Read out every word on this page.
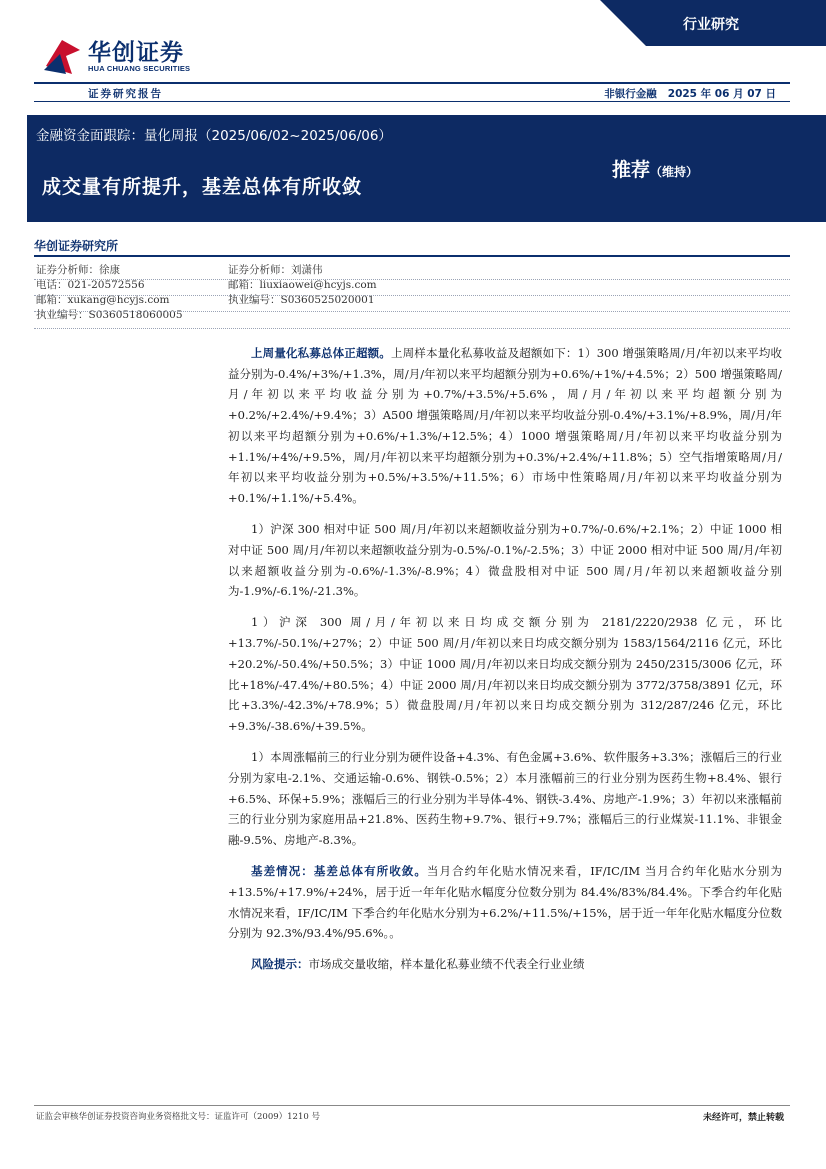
华创证券
HUA CHUANG SECURITIES
行业研究
证券研究报告	非银行金融 2025 年 06 月 07 日
金融资金面跟踪：量化周报（2025/06/02~2025/06/06）
成交量有所提升，基差总体有所收敛
推荐（维持）
华创证券研究所
证券分析师：徐康
电话：021-20572556
邮箱：xukang@hcyjs.com
执业编号：S0360518060005
证券分析师：刘潇伟
邮箱：liuxiaowei@hcyjs.com
执业编号：S0360525020001

上周量化私募总体正超额。上周样本量化私募收益及超额如下：1）300 增强策略周/月/年初以来平均收益分别为-0.4%/+3%/+1.3%，周/月/年初以来平均超额分别为+0.6%/+1%/+4.5%；2）500 增强策略周/月/年初以来平均收益分别为+0.7%/+3.5%/+5.6%，周/月/年初以来平均超额分别为+0.2%/+2.4%/+9.4%；3）A500 增强策略周/月/年初以来平均收益分别-0.4%/+3.1%/+8.9%，周/月/年初以来平均超额分别为+0.6%/+1.3%/+12.5%；4）1000 增强策略周/月/年初以来平均收益分别为+1.1%/+4%/+9.5%，周/月/年初以来平均超额分别为+0.3%/+2.4%/+11.8%；5）空气指增策略周/月/年初以来平均收益分别为+0.5%/+3.5%/+11.5%；6）市场中性策略周/月/年初以来平均收益分别为+0.1%/+1.1%/+5.4%。

1）沪深 300 相对中证 500 周/月/年初以来超额收益分别为+0.7%/-0.6%/+2.1%；2）中证 1000 相对中证 500 周/月/年初以来超额收益分别为-0.5%/-0.1%/-2.5%；3）中证 2000 相对中证 500 周/月/年初以来超额收益分别为-0.6%/-1.3%/-8.9%；4）微盘股相对中证 500 周/月/年初以来超额收益分别为-1.9%/-6.1%/-21.3%。

1）沪深 300 周/月/年初以来日均成交额分别为 2181/2220/2938 亿元，环比+13.7%/-50.1%/+27%；2）中证 500 周/月/年初以来日均成交额分别为 1583/1564/2116 亿元，环比+20.2%/-50.4%/+50.5%；3）中证 1000 周/月/年初以来日均成交额分别为 2450/2315/3006 亿元，环比+18%/-47.4%/+80.5%；4）中证 2000 周/月/年初以来日均成交额分别为 3772/3758/3891 亿元，环比+3.3%/-42.3%/+78.9%；5）微盘股周/月/年初以来日均成交额分别为 312/287/246 亿元，环比+9.3%/-38.6%/+39.5%。

1）本周涨幅前三的行业分别为硬件设备+4.3%、有色金属+3.6%、软件服务+3.3%；涨幅后三的行业分别为家电-2.1%、交通运输-0.6%、钢铁-0.5%；2）本月涨幅前三的行业分别为医药生物+8.4%、银行+6.5%、环保+5.9%；涨幅后三的行业分别为半导体-4%、钢铁-3.4%、房地产-1.9%；3）年初以来涨幅前三的行业分别为家庭用品+21.8%、医药生物+9.7%、银行+9.7%；涨幅后三的行业煤炭-11.1%、非银金融-9.5%、房地产-8.3%。

基差情况：基差总体有所收敛。当月合约年化贴水情况来看，IF/IC/IM 当月合约年化贴水分别为+13.5%/+17.9%/+24%，居于近一年年化贴水幅度分位数分别为 84.4%/83%/84.4%。下季合约年化贴水情况来看，IF/IC/IM 下季合约年化贴水分别为+6.2%/+11.5%/+15%，居于近一年年化贴水幅度分位数分别为 92.3%/93.4%/95.6%。。

风险提示：市场成交量收缩，样本量化私募业绩不代表全行业业绩

证监会审核华创证券投资咨询业务资格批文号：证监许可（2009）1210 号	未经许可，禁止转载
